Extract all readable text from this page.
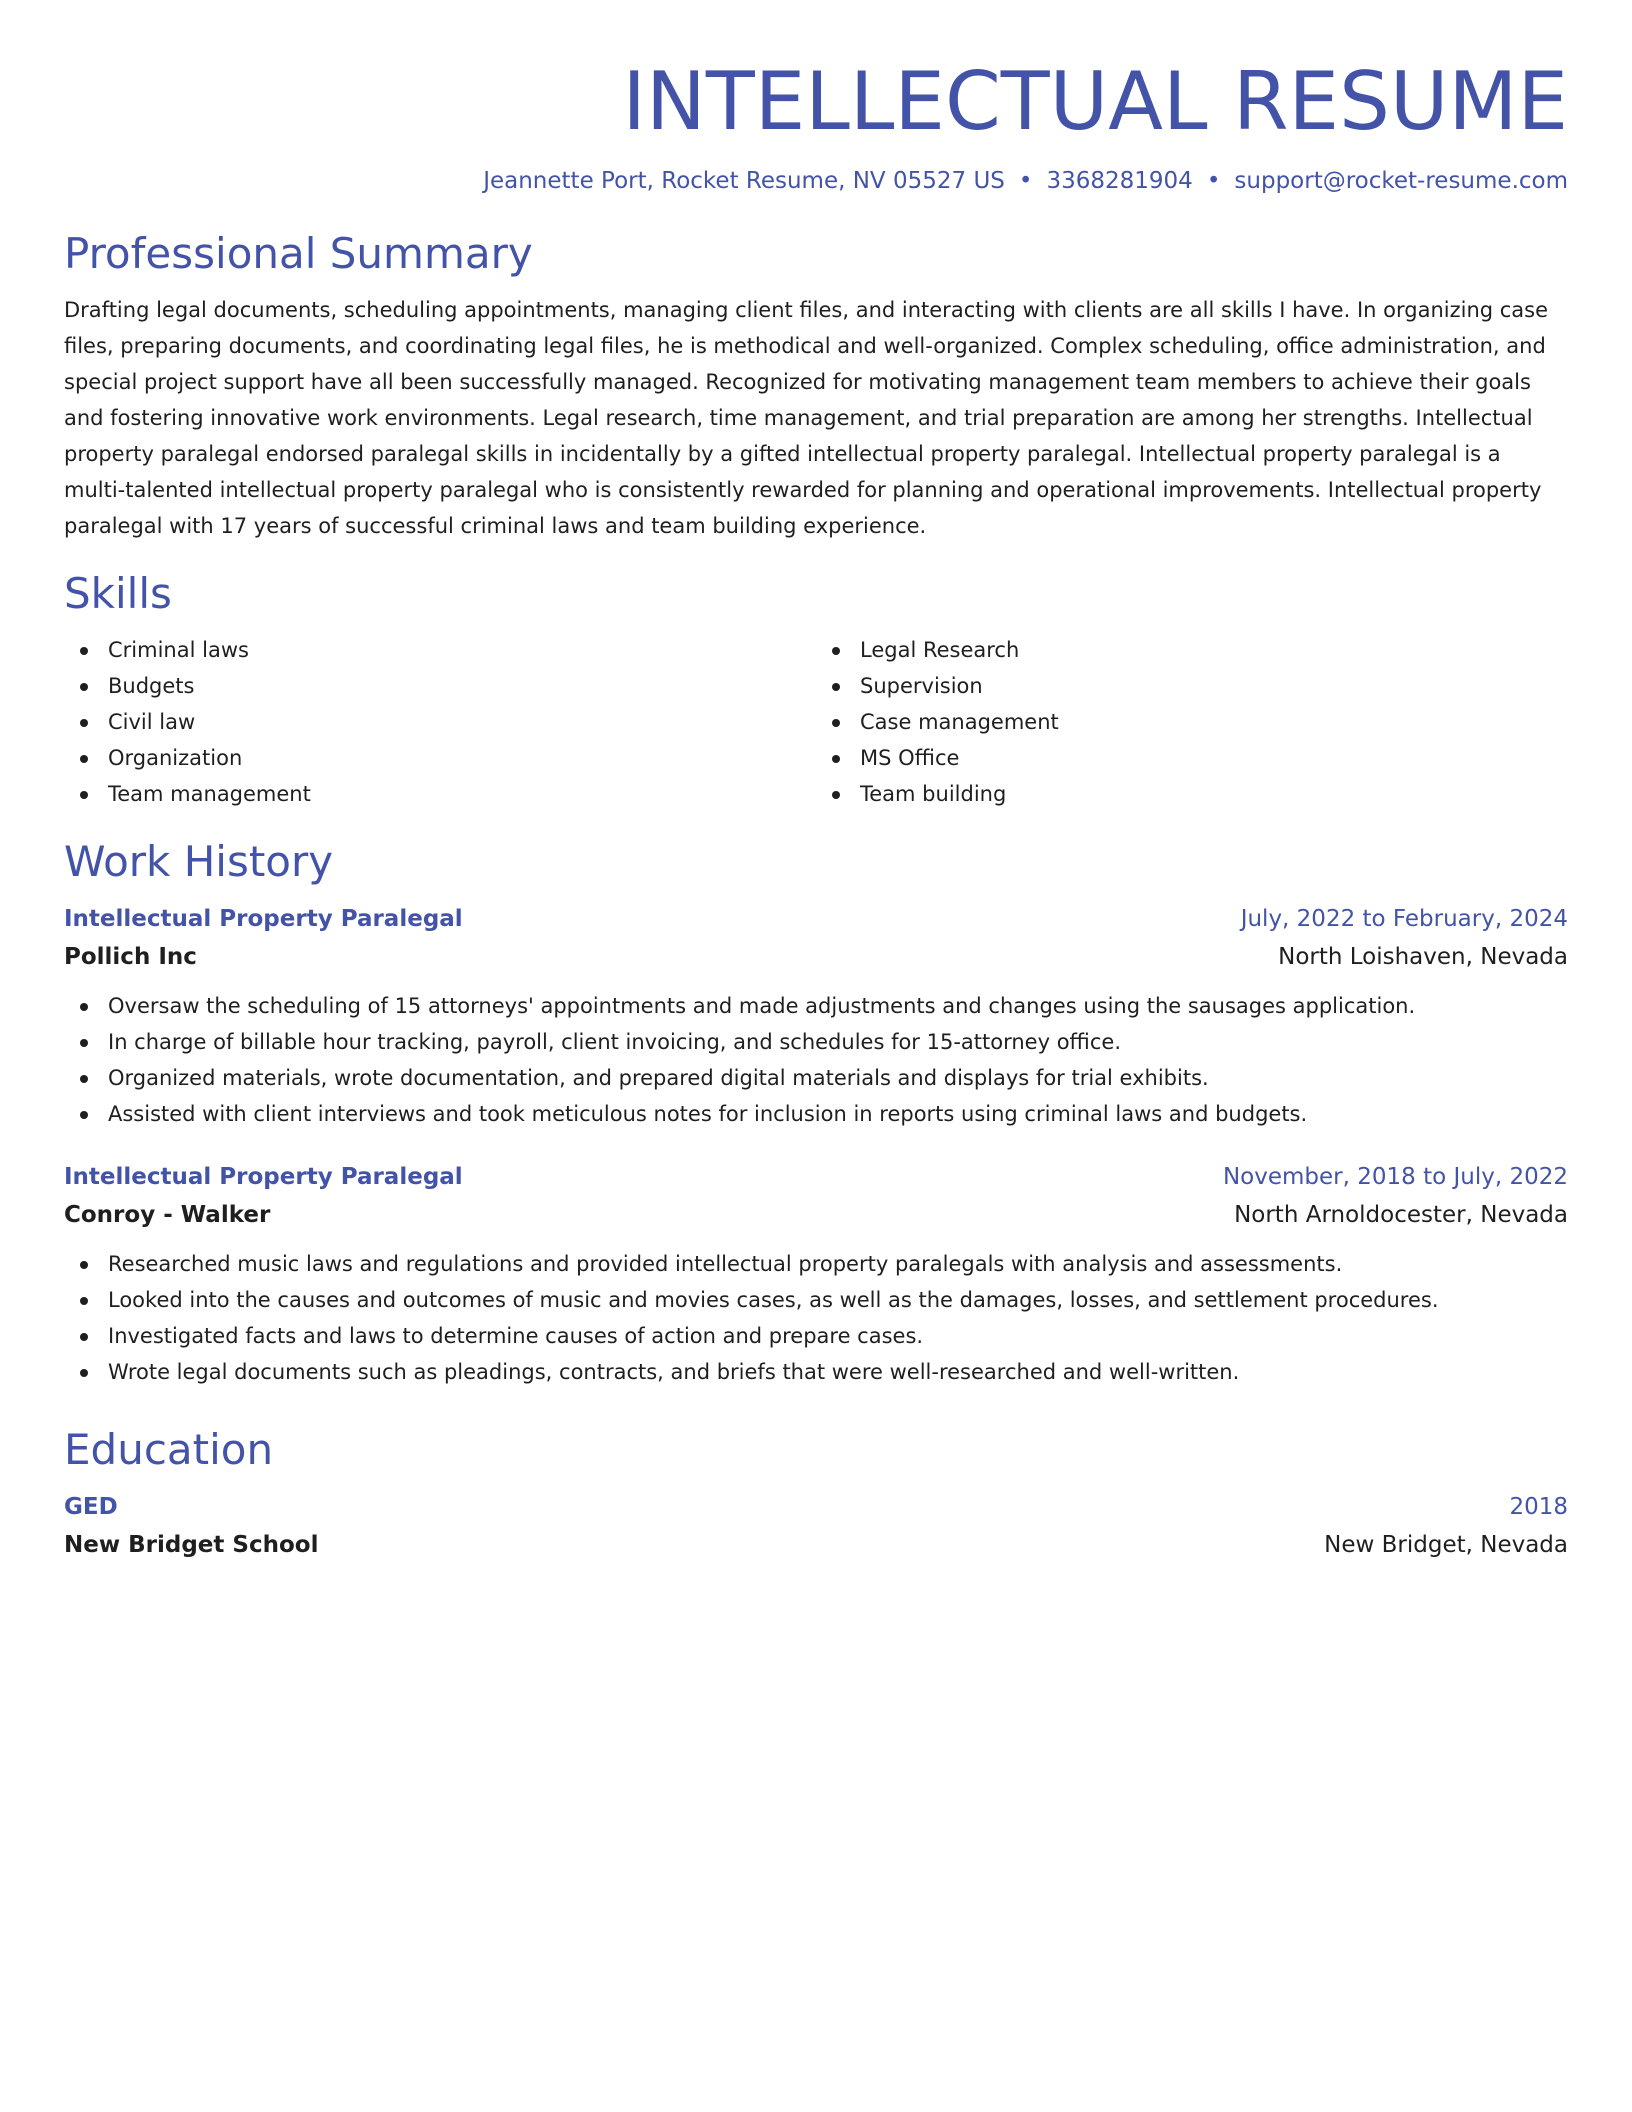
INTELLECTUAL RESUME
Jeannette Port, Rocket Resume, NV 05527 US • 3368281904 • support@rocket-resume.com
Professional Summary

Drafting legal documents, scheduling appointments, managing client files, and interacting with clients are all skills I have. In organizing case files, preparing documents, and coordinating legal files, he is methodical and well-organized. Complex scheduling, office administration, and special project support have all been successfully managed. Recognized for motivating management team members to achieve their goals and fostering innovative work environments. Legal research, time management, and trial preparation are among her strengths. Intellectual property paralegal endorsed paralegal skills in incidentally by a gifted intellectual property paralegal. Intellectual property paralegal is a multi-talented intellectual property paralegal who is consistently rewarded for planning and operational improvements. Intellectual property paralegal with 17 years of successful criminal laws and team building experience.

Skills
Criminal laws
Budgets
Civil law
Organization
Team management
Legal Research
Supervision
Case management
MS Office
Team building
Work History
Intellectual Property Paralegal	July, 2022 to February, 2024
Pollich Inc	North Loishaven, Nevada
Oversaw the scheduling of 15 attorneys' appointments and made adjustments and changes using the sausages application.
In charge of billable hour tracking, payroll, client invoicing, and schedules for 15-attorney office.
Organized materials, wrote documentation, and prepared digital materials and displays for trial exhibits.
Assisted with client interviews and took meticulous notes for inclusion in reports using criminal laws and budgets.
Intellectual Property Paralegal	November, 2018 to July, 2022
Conroy - Walker	North Arnoldocester, Nevada
Researched music laws and regulations and provided intellectual property paralegals with analysis and assessments.
Looked into the causes and outcomes of music and movies cases, as well as the damages, losses, and settlement procedures.
Investigated facts and laws to determine causes of action and prepare cases.
Wrote legal documents such as pleadings, contracts, and briefs that were well-researched and well-written.
Education
GED	2018
New Bridget School	New Bridget, Nevada
